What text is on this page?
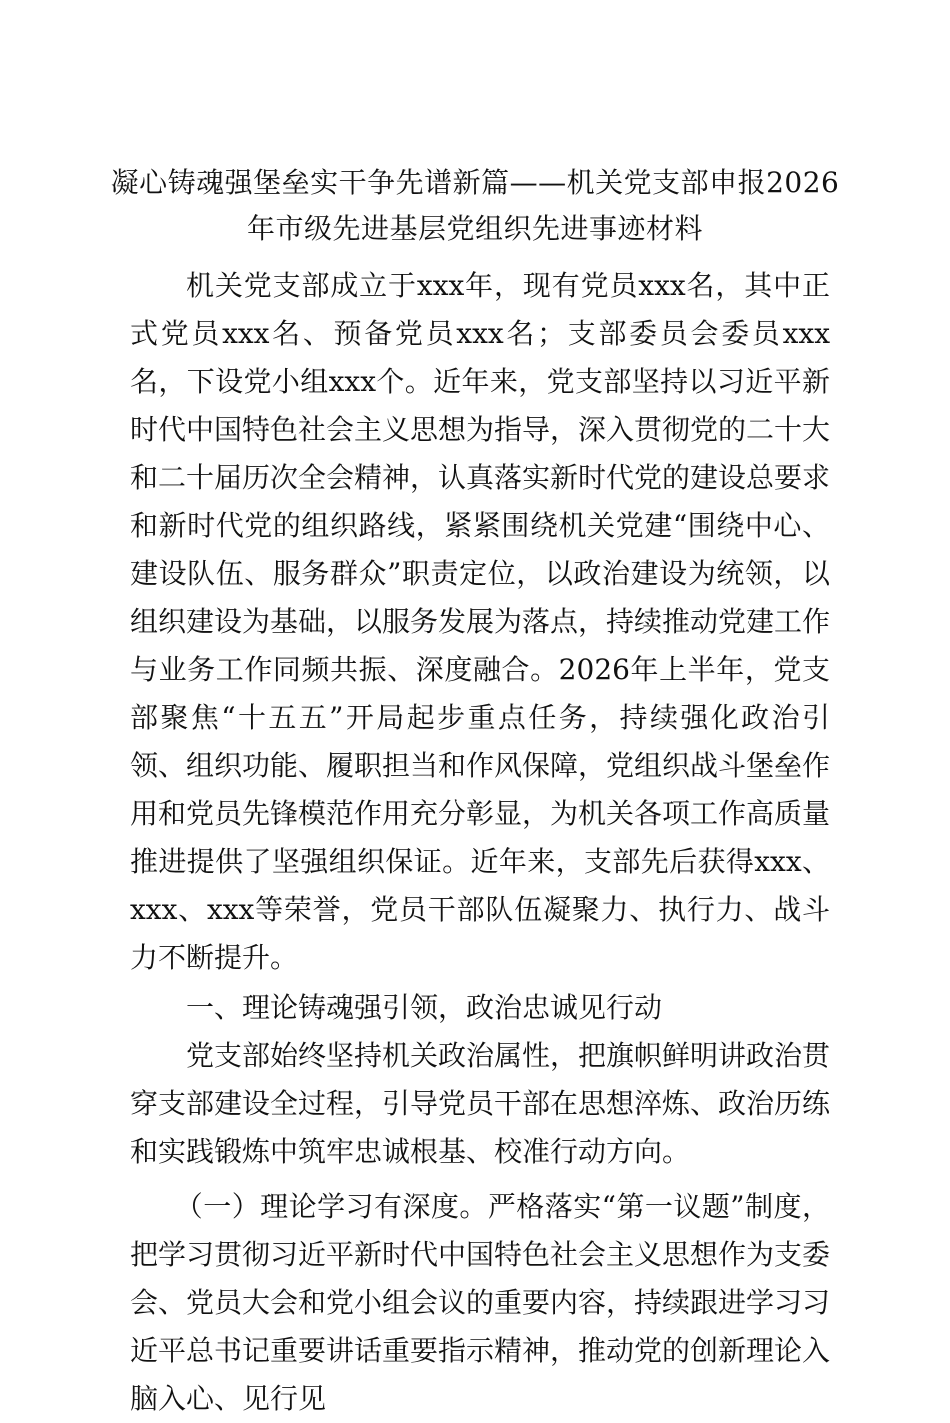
凝心铸魂强堡垒实干争先谱新篇——机关党支部申报2026年市级先进基层党组织先进事迹材料

机关党支部成立于xxx年，现有党员xxx名，其中正式党员xxx名、预备党员xxx名；支部委员会委员xxx名，下设党小组xxx个。近年来，党支部坚持以习近平新时代中国特色社会主义思想为指导，深入贯彻党的二十大和二十届历次全会精神，认真落实新时代党的建设总要求和新时代党的组织路线，紧紧围绕机关党建“围绕中心、建设队伍、服务群众”职责定位，以政治建设为统领，以组织建设为基础，以服务发展为落点，持续推动党建工作与业务工作同频共振、深度融合。2026年上半年，党支部聚焦“十五五”开局起步重点任务，持续强化政治引领、组织功能、履职担当和作风保障，党组织战斗堡垒作用和党员先锋模范作用充分彰显，为机关各项工作高质量推进提供了坚强组织保证。近年来，支部先后获得xxx、xxx、xxx等荣誉，党员干部队伍凝聚力、执行力、战斗力不断提升。

一、理论铸魂强引领，政治忠诚见行动

党支部始终坚持机关政治属性，把旗帜鲜明讲政治贯穿支部建设全过程，引导党员干部在思想淬炼、政治历练和实践锻炼中筑牢忠诚根基、校准行动方向。

（一）理论学习有深度。严格落实“第一议题”制度，把学习贯彻习近平新时代中国特色社会主义思想作为支委会、党员大会和党小组会议的重要内容，持续跟进学习习近平总书记重要讲话重要指示精神，推动党的创新理论入脑入心、见行见
